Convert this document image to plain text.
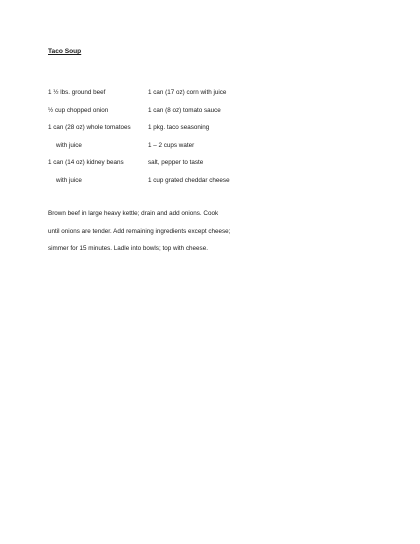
Taco Soup
1 ½ lbs. ground beef
½ cup chopped onion
1 can (28 oz) whole tomatoes
with juice
1 can (14 oz) kidney beans
with juice
1 can (17 oz) corn with juice
1 can (8 oz) tomato sauce
1 pkg. taco seasoning
1 – 2 cups water
salt, pepper to taste
1 cup grated cheddar cheese
Brown beef in large heavy kettle; drain and add onions. Cook
until onions are tender. Add remaining ingredients except cheese;
simmer for 15 minutes. Ladle into bowls; top with cheese.
